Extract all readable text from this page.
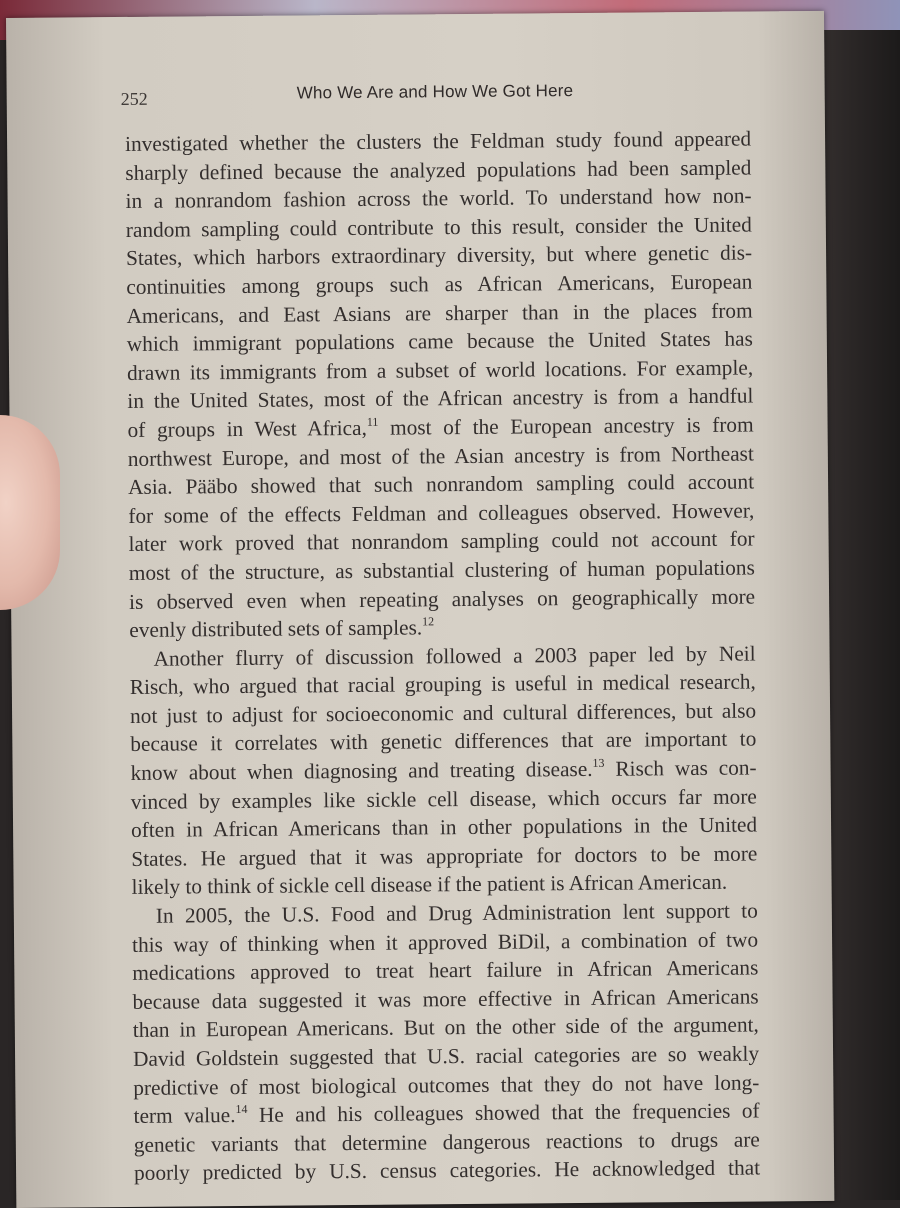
252	Who We Are and How We Got Here
investigated whether the clusters the Feldman study found appeared
sharply defined because the analyzed populations had been sampled
in a nonrandom fashion across the world. To understand how non-
random sampling could contribute to this result, consider the United
States, which harbors extraordinary diversity, but where genetic dis-
continuities among groups such as African Americans, European
Americans, and East Asians are sharper than in the places from
which immigrant populations came because the United States has
drawn its immigrants from a subset of world locations. For example,
in the United States, most of the African ancestry is from a handful
of groups in West Africa,$^{11}$ most of the European ancestry is from
northwest Europe, and most of the Asian ancestry is from Northeast
Asia. Pääbo showed that such nonrandom sampling could account
for some of the effects Feldman and colleagues observed. However,
later work proved that nonrandom sampling could not account for
most of the structure, as substantial clustering of human populations
is observed even when repeating analyses on geographically more
evenly distributed sets of samples.$^{12}$
Another flurry of discussion followed a 2003 paper led by Neil
Risch, who argued that racial grouping is useful in medical research,
not just to adjust for socioeconomic and cultural differences, but also
because it correlates with genetic differences that are important to
know about when diagnosing and treating disease.$^{13}$ Risch was con-
vinced by examples like sickle cell disease, which occurs far more
often in African Americans than in other populations in the United
States. He argued that it was appropriate for doctors to be more
likely to think of sickle cell disease if the patient is African American.
In 2005, the U.S. Food and Drug Administration lent support to
this way of thinking when it approved BiDil, a combination of two
medications approved to treat heart failure in African Americans
because data suggested it was more effective in African Americans
than in European Americans. But on the other side of the argument,
David Goldstein suggested that U.S. racial categories are so weakly
predictive of most biological outcomes that they do not have long-
term value.$^{14}$ He and his colleagues showed that the frequencies of
genetic variants that determine dangerous reactions to drugs are
poorly predicted by U.S. census categories. He acknowledged that
